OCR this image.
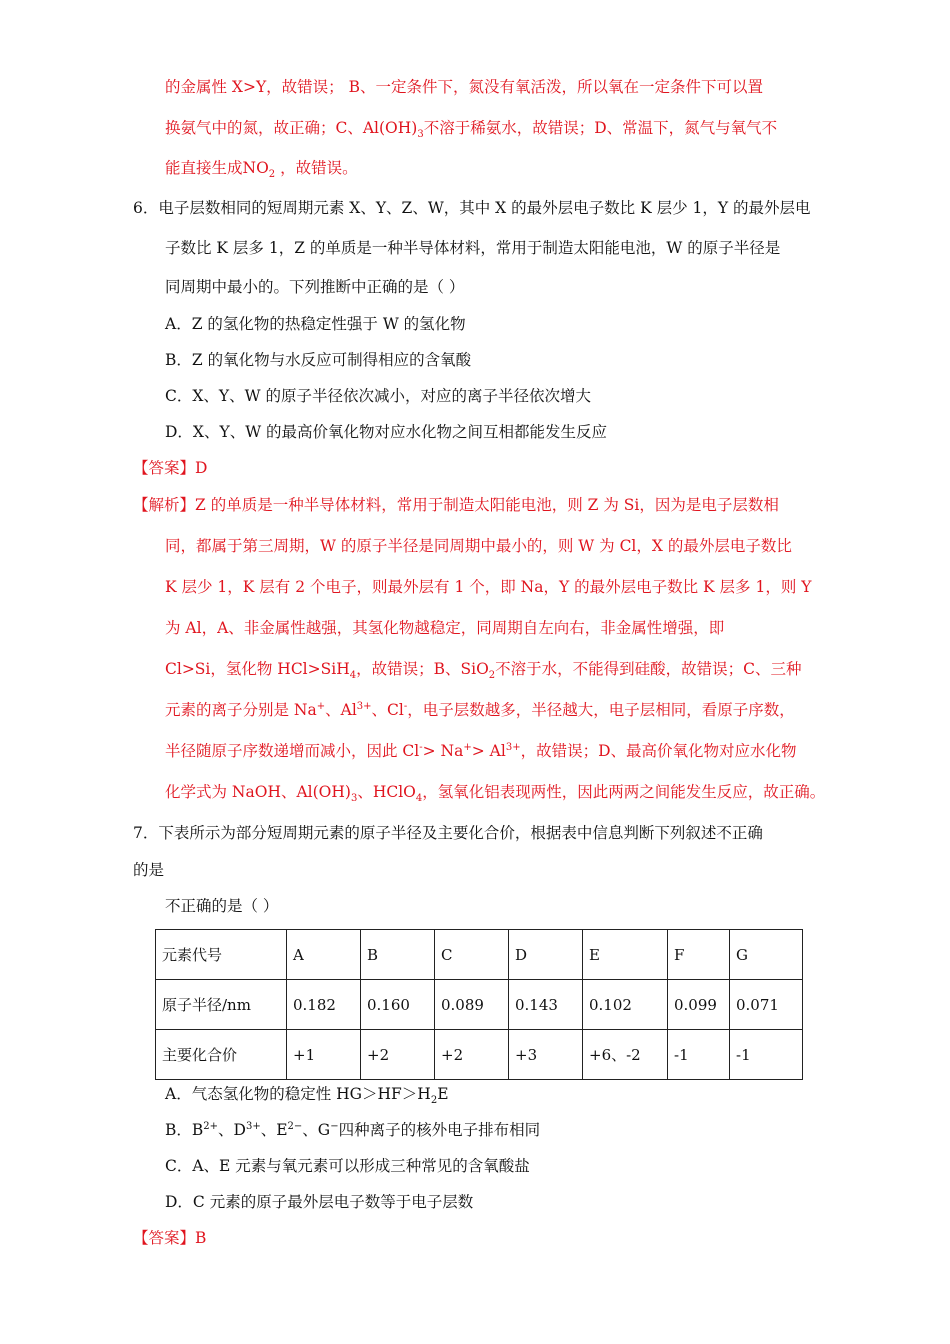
的金属性 X>Y，故错误； B、一定条件下，氮没有氧活泼，所以氧在一定条件下可以置
换氨气中的氮，故正确；C、$Al(OH)_3$不溶于稀氨水，故错误；D、常温下，氮气与氧气不
能直接生成$NO_2$ ，故错误。
6．电子层数相同的短周期元素 X、Y、Z、W，其中 X 的最外层电子数比 K 层少 1，Y 的最外层电
子数比 K 层多 1，Z 的单质是一种半导体材料，常用于制造太阳能电池，W 的原子半径是
同周期中最小的。下列推断中正确的是（ ）
A．Z 的氢化物的热稳定性强于 W 的氢化物
B．Z 的氧化物与水反应可制得相应的含氧酸
C．X、Y、W 的原子半径依次减小，对应的离子半径依次增大
D．X、Y、W 的最高价氧化物对应水化物之间互相都能发生反应
【答案】D
【解析】Z 的单质是一种半导体材料，常用于制造太阳能电池，则 Z 为 Si，因为是电子层数相
同，都属于第三周期，W 的原子半径是同周期中最小的，则 W 为 Cl，X 的最外层电子数比
K 层少 1，K 层有 2 个电子，则最外层有 1 个，即 Na，Y 的最外层电子数比 K 层多 1，则 Y
为 Al，A、非金属性越强，其氢化物越稳定，同周期自左向右，非金属性增强，即
Cl>Si，氢化物 HCl>SiH$_4$，故错误；B、SiO$_2$不溶于水，不能得到硅酸，故错误；C、三种
元素的离子分别是 Na+、$Al^{3+}$、Cl-，电子层数越多，半径越大，电子层相同，看原子序数，
半径随原子序数递增而减小，因此 $Cl^-> Na^+> Al^{3+}$，故错误；D、最高价氧化物对应水化物
化学式为 NaOH、$Al(OH)_3$、HClO$_4$，氢氧化铝表现两性，因此两两之间能发生反应，故正确。
7．下表所示为部分短周期元素的原子半径及主要化合价，根据表中信息判断下列叙述不正确
的是
不正确的是（ ）
元素代号	A	B	C	D	E	F	G
原子半径/nm	0.182	0.160	0.089	0.143	0.102	0.099	0.071
主要化合价	+1	+2	+2	+3	+6、-2	-1	-1
A．气态氢化物的稳定性 $HG>HF>H_2E$
B．$B^{2+}$、$D^{3+}$、$E^{2-}$、G−四种离子的核外电子排布相同
C．A、E 元素与氧元素可以形成三种常见的含氧酸盐
D．C 元素的原子最外层电子数等于电子层数
【答案】B
